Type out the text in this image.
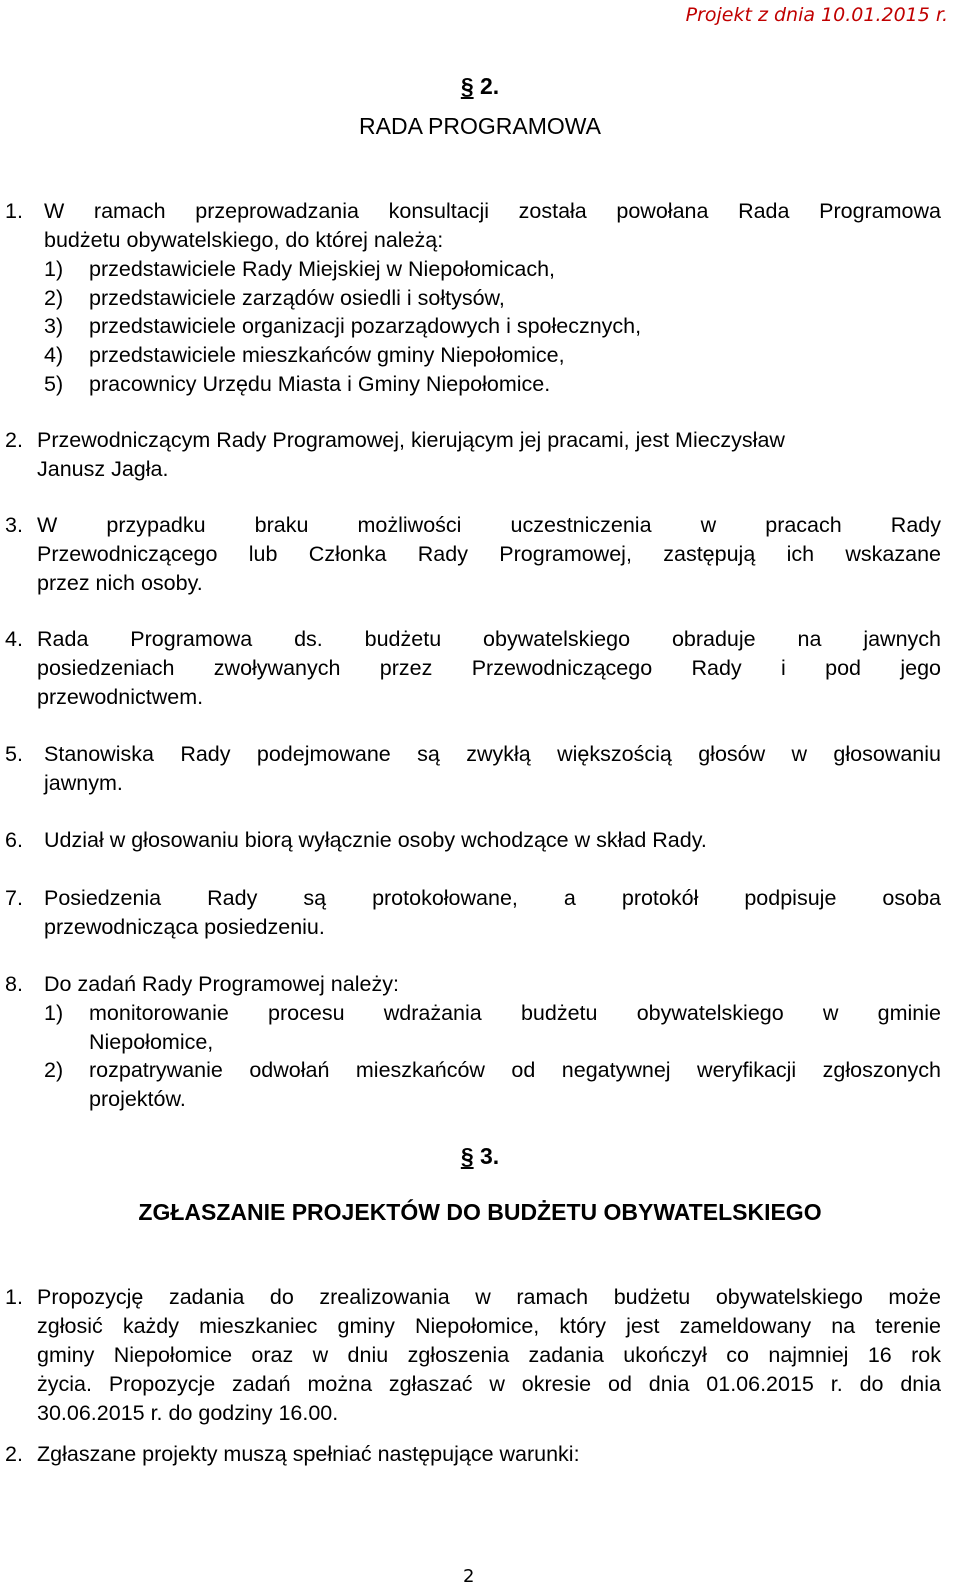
Projekt z dnia 10.01.2015 r.
§ 2.
RADA PROGRAMOWA
1. W ramach przeprowadzania konsultacji została powołana Rada Programowa
budżetu obywatelskiego, do której należą:
1) przedstawiciele Rady Miejskiej w Niepołomicach,
2) przedstawiciele zarządów osiedli i sołtysów,
3) przedstawiciele organizacji pozarządowych i społecznych,
4) przedstawiciele mieszkańców gminy Niepołomice,
5) pracownicy Urzędu Miasta i Gminy Niepołomice.
2. Przewodniczącym Rady Programowej, kierującym jej pracami, jest Mieczysław
Janusz Jagła.
3. W przypadku braku możliwości uczestniczenia w pracach Rady
Przewodniczącego lub Członka Rady Programowej, zastępują ich wskazane
przez nich osoby.
4. Rada Programowa ds. budżetu obywatelskiego obraduje na jawnych
posiedzeniach zwoływanych przez Przewodniczącego Rady i pod jego
przewodnictwem.
5. Stanowiska Rady podejmowane są zwykłą większością głosów w głosowaniu
jawnym.
6. Udział w głosowaniu biorą wyłącznie osoby wchodzące w skład Rady.
7. Posiedzenia Rady są protokołowane, a protokół podpisuje osoba
przewodnicząca posiedzeniu.
8. Do zadań Rady Programowej należy:
1) monitorowanie procesu wdrażania budżetu obywatelskiego w gminie
Niepołomice,
2) rozpatrywanie odwołań mieszkańców od negatywnej weryfikacji zgłoszonych
projektów.
§ 3.
ZGŁASZANIE PROJEKTÓW DO BUDŻETU OBYWATELSKIEGO
1. Propozycję zadania do zrealizowania w ramach budżetu obywatelskiego może
zgłosić każdy mieszkaniec gminy Niepołomice, który jest zameldowany na terenie
gminy Niepołomice oraz w dniu zgłoszenia zadania ukończył co najmniej 16 rok
życia. Propozycje zadań można zgłaszać w okresie od dnia 01.06.2015 r. do dnia
30.06.2015 r. do godziny 16.00.
2. Zgłaszane projekty muszą spełniać następujące warunki:
2
